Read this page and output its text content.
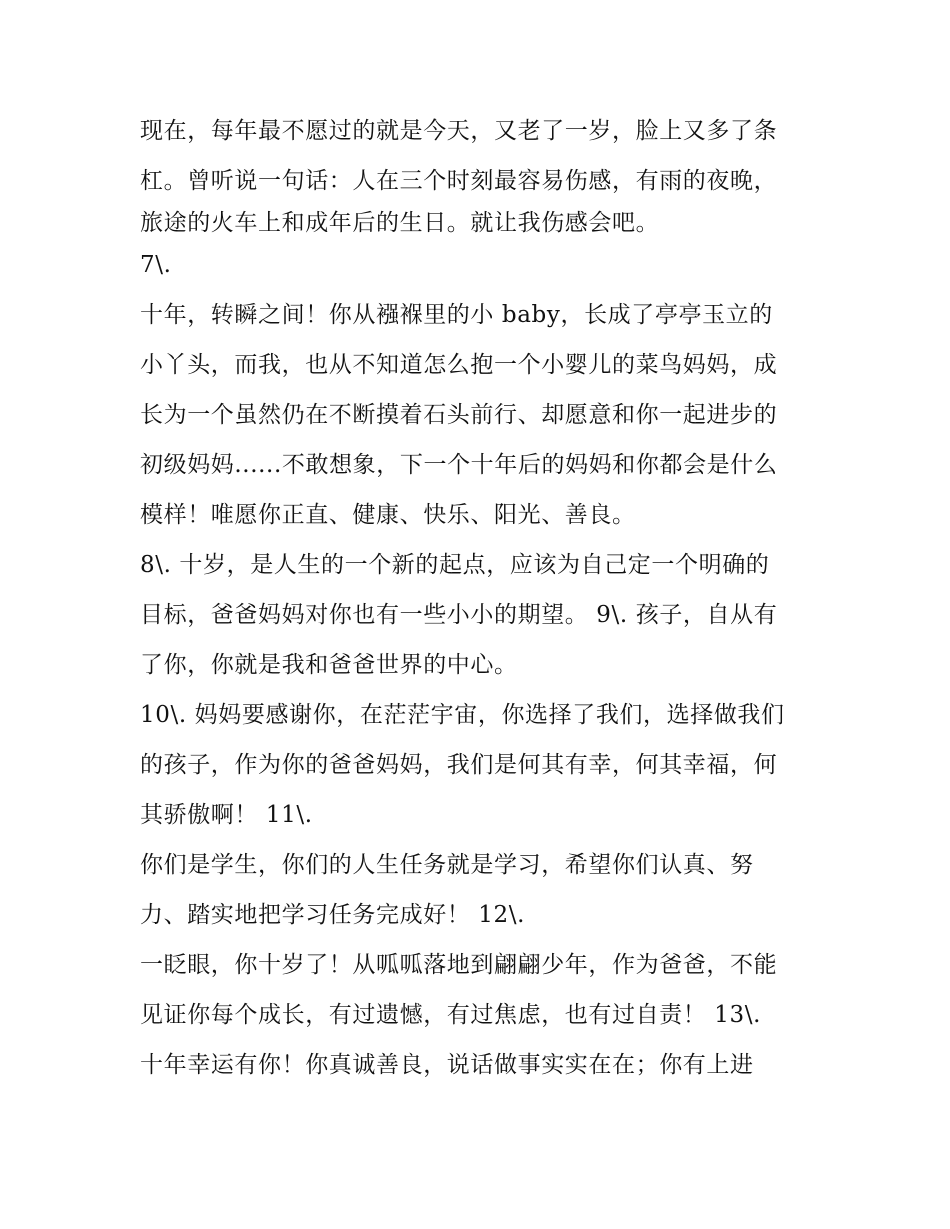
现在，每年最不愿过的就是今天，又老了一岁，脸上又多了条
杠。曾听说一句话：人在三个时刻最容易伤感，有雨的夜晚，
旅途的火车上和成年后的生日。就让我伤感会吧。
7\.
十年，转瞬之间！你从襁褓里的小 baby，长成了亭亭玉立的
小丫头，而我，也从不知道怎么抱一个小婴儿的菜鸟妈妈，成
长为一个虽然仍在不断摸着石头前行、却愿意和你一起进步的
初级妈妈......不敢想象，下一个十年后的妈妈和你都会是什么
模样！唯愿你正直、健康、快乐、阳光、善良。
8\. 十岁，是人生的一个新的起点，应该为自己定一个明确的
目标，爸爸妈妈对你也有一些小小的期望。 9\. 孩子，自从有
了你，你就是我和爸爸世界的中心。
10\. 妈妈要感谢你，在茫茫宇宙，你选择了我们，选择做我们
的孩子，作为你的爸爸妈妈，我们是何其有幸，何其幸福，何
其骄傲啊！ 11\.
你们是学生，你们的人生任务就是学习，希望你们认真、努
力、踏实地把学习任务完成好！ 12\.
一眨眼，你十岁了！从呱呱落地到翩翩少年，作为爸爸，不能
见证你每个成长，有过遗憾，有过焦虑，也有过自责！ 13\.
十年幸运有你！你真诚善良，说话做事实实在在；你有上进
